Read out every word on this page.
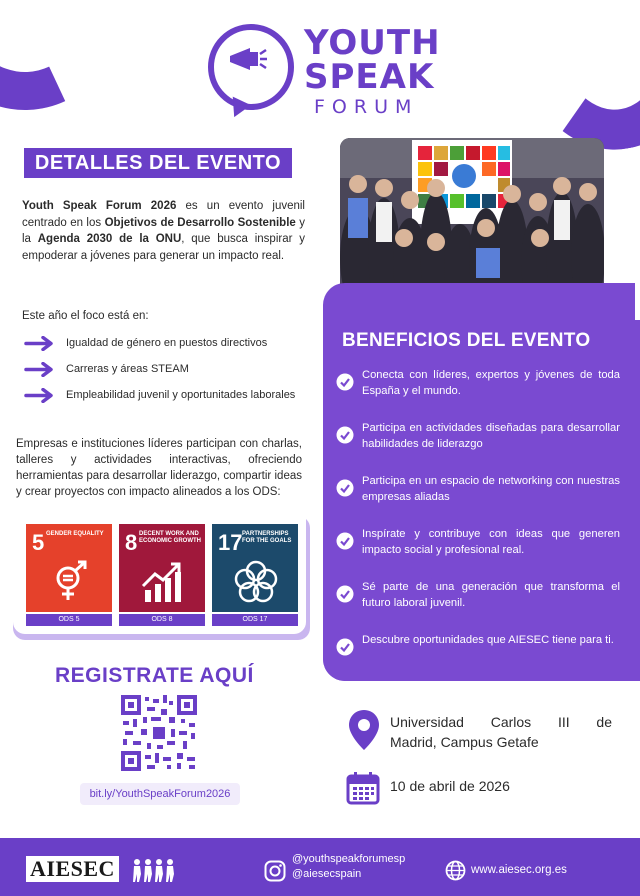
YOUTH
SPEAK
FORUM
DETALLES DEL EVENTO

Youth Speak Forum 2026 es un evento juvenil centrado en los Objetivos de Desarrollo Sostenible y la Agenda 2030 de la ONU, que busca inspirar y empoderar a jóvenes para generar un impacto real.

Este año el foco está en:
Igualdad de género en puestos directivos
Carreras y áreas STEAM
Empleabilidad juvenil y oportunitades laborales

Empresas e instituciones líderes participan con charlas, talleres y actividades interactivas, ofreciendo herramientas para desarrollar liderazgo, compartir ideas y crear proyectos con impacto alineados a los ODS:

5 GENDER EQUALITY
ODS 5
8 DECENT WORK AND ECONOMIC GROWTH
ODS 8
17 PARTNERSHIPS FOR THE GOALS
ODS 17
REGISTRATE AQUÍ
bit.ly/YouthSpeakForum2026
BENEFICIOS DEL EVENTO
Conecta con líderes, expertos y jóvenes de toda España y el mundo.
Participa en actividades diseñadas para desarrollar habilidades de liderazgo
Participa en un espacio de networking con nuestras empresas aliadas
Inspírate y contribuye con ideas que generen impacto social y profesional real.
Sé parte de una generación que transforma el futuro laboral juvenil.
Descubre oportunidades que AIESEC tiene para ti.
Universidad Carlos III de
Madrid, Campus Getafe
10 de abril de 2026
AIESEC	@youthspeakforumesp
@aiesecspain	www.aiesec.org.es
